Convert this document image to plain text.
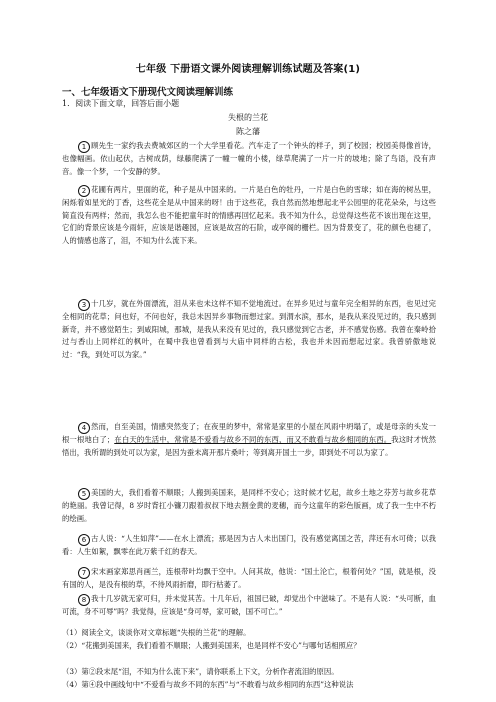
七年级 下册语文课外阅读理解训练试题及答案(1)
一、七年级语文下册现代文阅读理解训练
1．阅读下面文章，回答后面小题
失根的兰花
陈之藩

1 顾先生一家约我去费城郊区的一个大学里看花。汽车走了一个钟头的样子，到了校园；校园美得像首诗，也像幅画。依山起伏，古树成荫，绿藤爬满了一幢一幢的小楼，绿草爬满了一片一片的坡地；除了鸟语，没有声音。像一个梦，一个安静的梦。

2 花圃有两片，里面的花，种子是从中国来的。一片是白色的牡丹，一片是白色的雪球；如在海的树丛里，闲烁着如星光的丁香，这些花全是从中国来的呀！由于这些花，我自然而然地想起北平公园里的花花朵朵，与这些简直没有两样；然而，我怎么也不能把童年时的情感再回忆起来。我不知为什么，总觉得这些花不该出现在这里，它们的背景应该是今雨轩，应该是谐趣园，应该是故宫的石阶，或亭阁的栅栏。因为背景变了，花的颜色也褪了，人的情感也落了，泪，不知为什么流下来。

3 十几岁，就在外面漂流，泪从来也未这样不知不觉地流过。在异乡见过与童年完全相异的东西，也见过完全相同的花草；问也好，不问也好，我总未因异乡事物而想过家。到渭水滨，那水，是我从来没见过的，我只感到新奇，并不感觉陌生；到咸阳城，那城，是我从来没有见过的，我只感觉到它古老，并不感觉伤感。我曾在秦岭拾过与香山上同样红的枫叶，在蜀中我也曾看到与大庙中同样的古松，我也并未因而想起过家。我曾骄傲地说过：“我，到处可以为家。”

4 然而，自至美国，情感突然变了；在夜里的梦中，常常是家里的小屋在风雨中坍塌了，或是母亲的头发一根一根地白了；在白天的生活中，常常是不爱看与故乡不同的东西，而又不敢看与故乡相同的东西。我这时才恍然悟出，我所谓的到处可以为家，是因为蚕未离开那片桑叶；等到离开国土一步，即到处不可以为家了。

5 美国的大，我们看着不顺眼；人搬到美国来，是同样不安心；这时候才忆起，故乡土地之芬芳与故乡花草的艳丽。我曾记得，8 岁时背扛小镰刀跟着叔叔下地去割金黄的麦穗，而今这童年的彩色版画，成了我一生中不朽的绘画。

6 古人说：“人生如萍”——在水上漂流；那是因为古人未出国门，没有感觉离国之苦，萍还有水可倚；以我看：人生如絮，飘零在此万紫千红的春天。

7 宋末画家郑思肖画兰，连根带叶均飘于空中。人问其故，他说：“国土沦亡，根着何处？”国，就是根，没有国的人，是没有根的草，不待风雨折磨，即行枯萎了。

8 我十几岁就无家可归，并未觉其苦。十几年后，祖国已破，却觉出个中滋味了。不是有人说：“头可断，血可流，身不可辱”吗？我觉得，应该是“身可辱，家可破，国不可亡。”

（1）阅读全文，谈谈你对文章标题“失根的兰花”的理解。

（2）“花搬到美国来，我们看着不顺眼；人搬到美国来，也是同样不安心”与哪句话相照应？

（3）第②段末尾“泪，不知为什么流下来”，请你联系上下文，分析作者流泪的原因。

（4）第④段中画线句中“不爱看与故乡不同的东西”与“不敢看与故乡相同的东西”这种说法
